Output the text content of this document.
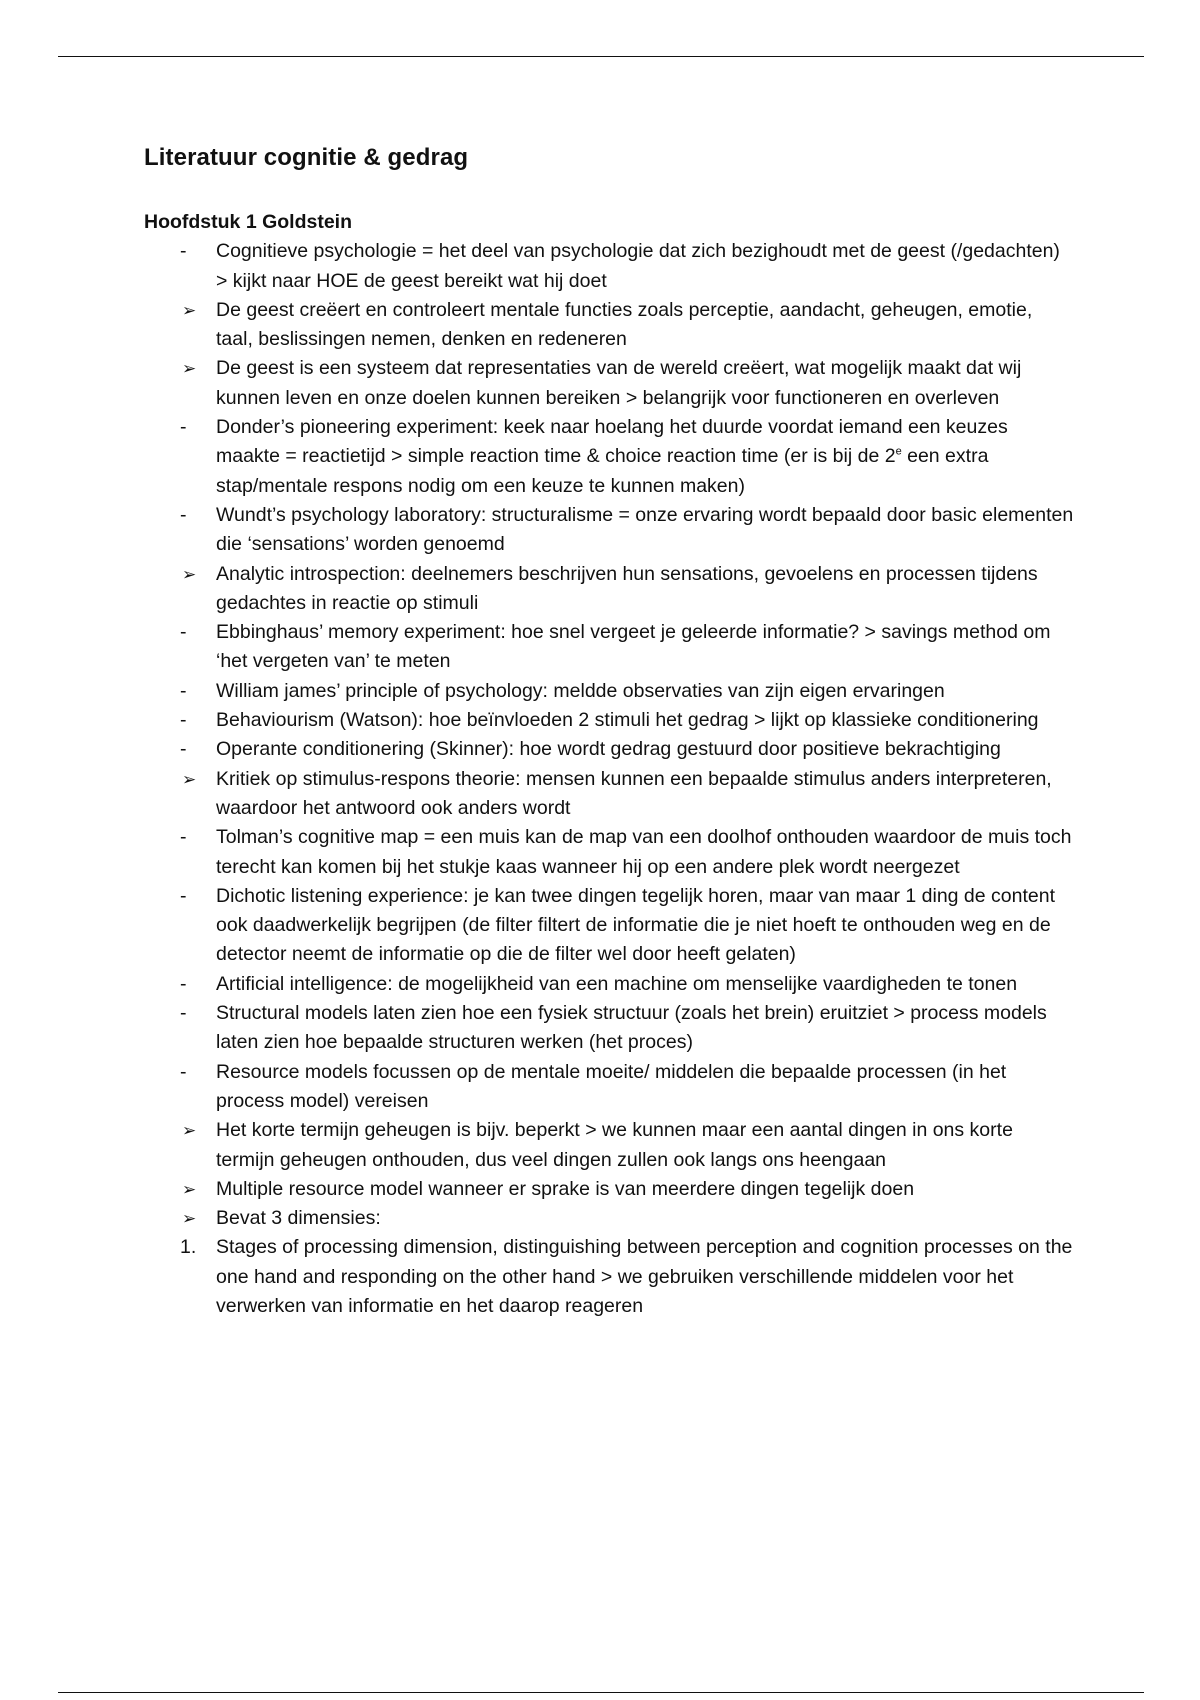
Literatuur cognitie & gedrag
Hoofdstuk 1 Goldstein
-	Cognitieve psychologie = het deel van psychologie dat zich bezighoudt met de geest (/gedachten) > kijkt naar HOE de geest bereikt wat hij doet
➢	De geest creëert en controleert mentale functies zoals perceptie, aandacht, geheugen, emotie, taal, beslissingen nemen, denken en redeneren
➢	De geest is een systeem dat representaties van de wereld creëert, wat mogelijk maakt dat wij kunnen leven en onze doelen kunnen bereiken > belangrijk voor functioneren en overleven
-	Donder’s pioneering experiment: keek naar hoelang het duurde voordat iemand een keuzes maakte = reactietijd > simple reaction time & choice reaction time (er is bij de 2e een extra stap/mentale respons nodig om een keuze te kunnen maken)
-	Wundt’s psychology laboratory: structuralisme = onze ervaring wordt bepaald door basic elementen die ‘sensations’ worden genoemd
➢	Analytic introspection: deelnemers beschrijven hun sensations, gevoelens en processen tijdens gedachtes in reactie op stimuli
-	Ebbinghaus’ memory experiment: hoe snel vergeet je geleerde informatie? > savings method om ‘het vergeten van’ te meten
-	William james’ principle of psychology: meldde observaties van zijn eigen ervaringen
-	Behaviourism (Watson): hoe beïnvloeden 2 stimuli het gedrag > lijkt op klassieke conditionering
-	Operante conditionering (Skinner): hoe wordt gedrag gestuurd door positieve bekrachtiging
➢	Kritiek op stimulus-respons theorie: mensen kunnen een bepaalde stimulus anders interpreteren, waardoor het antwoord ook anders wordt
-	Tolman’s cognitive map = een muis kan de map van een doolhof onthouden waardoor de muis toch terecht kan komen bij het stukje kaas wanneer hij op een andere plek wordt neergezet
-	Dichotic listening experience: je kan twee dingen tegelijk horen, maar van maar 1 ding de content ook daadwerkelijk begrijpen (de filter filtert de informatie die je niet hoeft te onthouden weg en de detector neemt de informatie op die de filter wel door heeft gelaten)
-	Artificial intelligence: de mogelijkheid van een machine om menselijke vaardigheden te tonen
-	Structural models laten zien hoe een fysiek structuur (zoals het brein) eruitziet > process models laten zien hoe bepaalde structuren werken (het proces)
-	Resource models focussen op de mentale moeite/ middelen die bepaalde processen (in het process model) vereisen
➢	Het korte termijn geheugen is bijv. beperkt > we kunnen maar een aantal dingen in ons korte termijn geheugen onthouden, dus veel dingen zullen ook langs ons heengaan
➢	Multiple resource model wanneer er sprake is van meerdere dingen tegelijk doen
➢	Bevat 3 dimensies:
1.	Stages of processing dimension, distinguishing between perception and cognition processes on the one hand and responding on the other hand > we gebruiken verschillende middelen voor het verwerken van informatie en het daarop reageren
